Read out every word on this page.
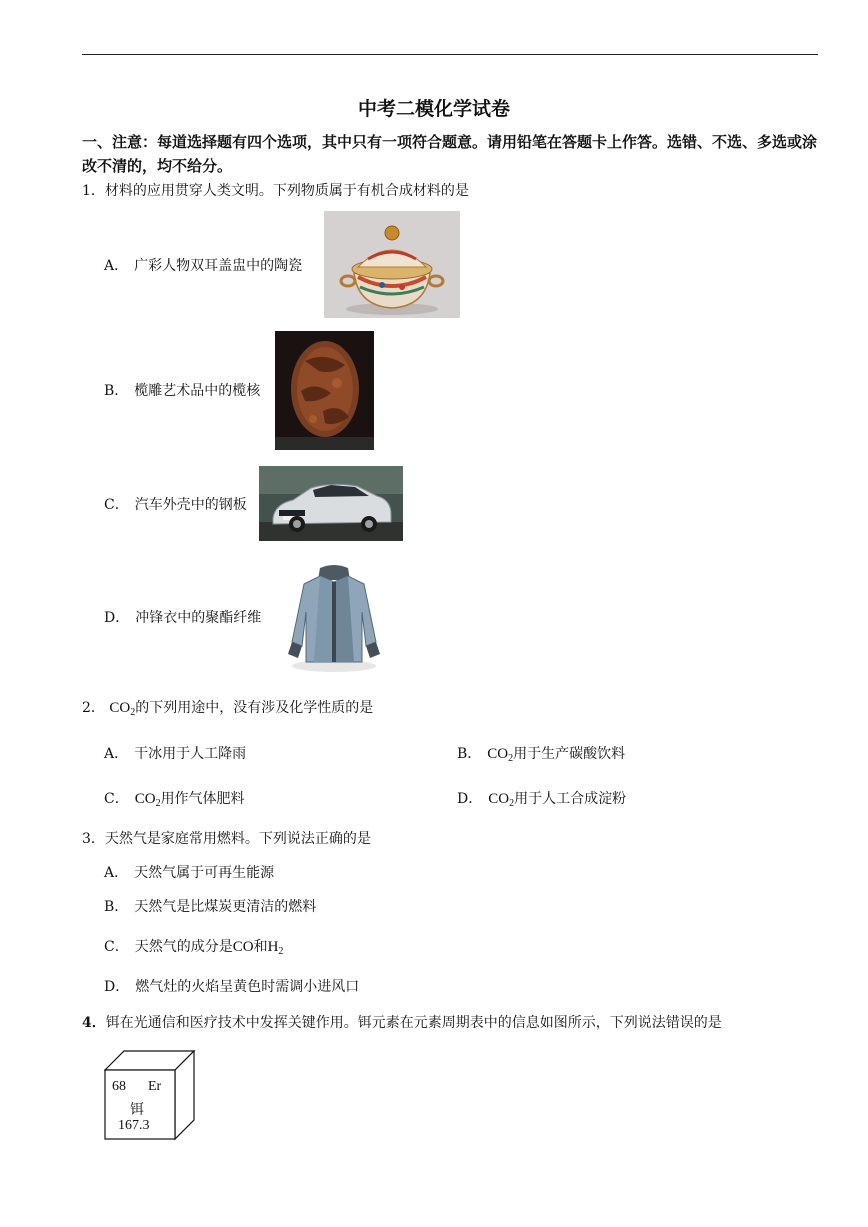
中考二模化学试卷
一、注意：每道选择题有四个选项，其中只有一项符合题意。请用铅笔在答题卡上作答。选错、不选、多选或涂改不清的，均不给分。
1．材料的应用贯穿人类文明。下列物质属于有机合成材料的是
A． 广彩人物双耳盖盅中的陶瓷
B． 榄雕艺术品中的榄核
C． 汽车外壳中的钢板
D． 冲锋衣中的聚酯纤维
2． $CO_2$的下列用途中，没有涉及化学性质的是
A． 干冰用于人工降雨	B． $CO_2$用于生产碳酸饮料
C． $CO_2$用作气体肥料	D． $CO_2$用于人工合成淀粉
3．天然气是家庭常用燃料。下列说法正确的是
A． 天然气属于可再生能源
B． 天然气是比煤炭更清洁的燃料
C． 天然气的成分是CO和$H_2$
D． 燃气灶的火焰呈黄色时需调小进风口
4．铒在光通信和医疗技术中发挥关键作用。铒元素在元素周期表中的信息如图所示，下列说法错误的是
68 Er
铒
167.3
